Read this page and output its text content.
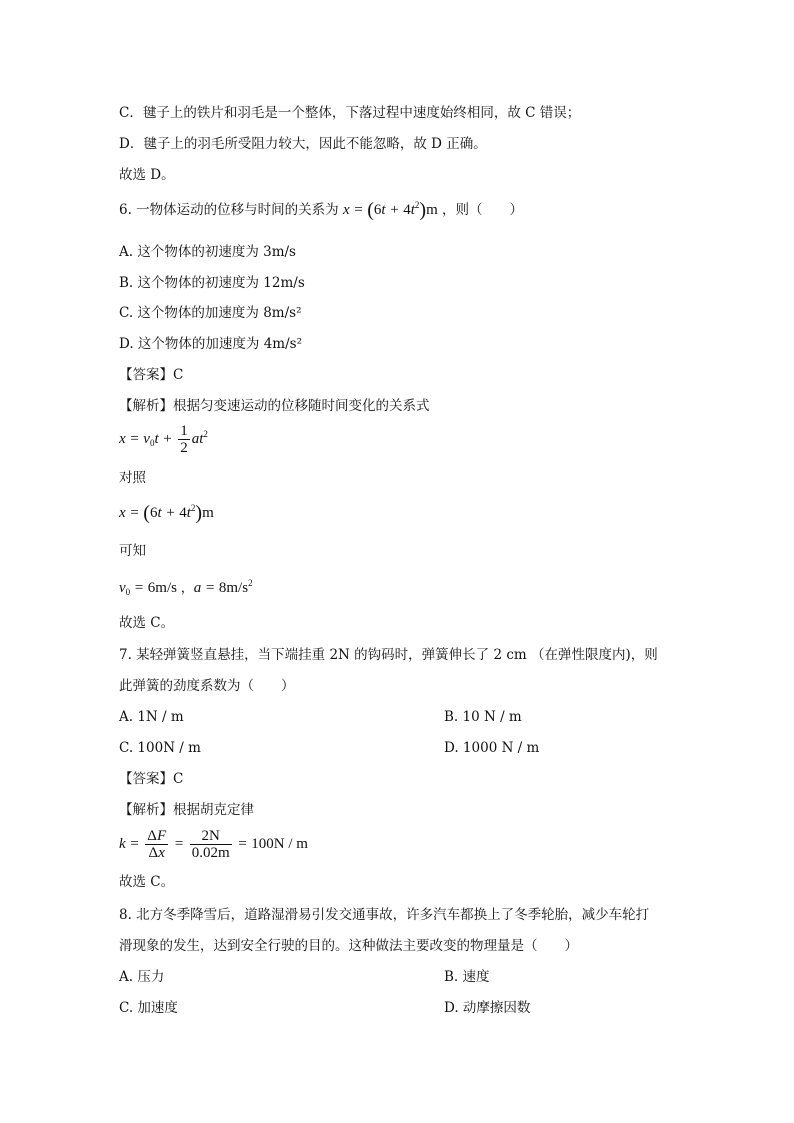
C．毽子上的铁片和羽毛是一个整体，下落过程中速度始终相同，故 C 错误；
D．毽子上的羽毛所受阻力较大，因此不能忽略，故 D 正确。
故选 D。
6. 一物体运动的位移与时间的关系为 $x = (6t + 4t^2)m$ ，则（　　）
A. 这个物体的初速度为 3m/s
B. 这个物体的初速度为 12m/s
C. 这个物体的加速度为 8m/s²
D. 这个物体的加速度为 4m/s²
【答案】C
【解析】根据匀变速运动的位移随时间变化的关系式
$x = v_0t + \frac{1}{2} at^2$
对照
$x = (6t + 4t^2)m$
可知
$v_0 = 6m/s$ ，$a = 8m/s^2$
故选 C。
7. 某轻弹簧竖直悬挂，当下端挂重 2N 的钩码时，弹簧伸长了 2 cm （在弹性限度内)，则
此弹簧的劲度系数为（　　）
A. 1N / m	B. 10 N / m
C. 100N / m	D. 1000 N / m
【答案】C
【解析】根据胡克定律
$k = \frac{\Delta F}{\Delta x} = \frac{2N}{0.02m} = 100N / m$
故选 C。
8. 北方冬季降雪后，道路湿滑易引发交通事故，许多汽车都换上了冬季轮胎，减少车轮打
滑现象的发生，达到安全行驶的目的。这种做法主要改变的物理量是（　　）
A. 压力	B. 速度
C. 加速度	D. 动摩擦因数
